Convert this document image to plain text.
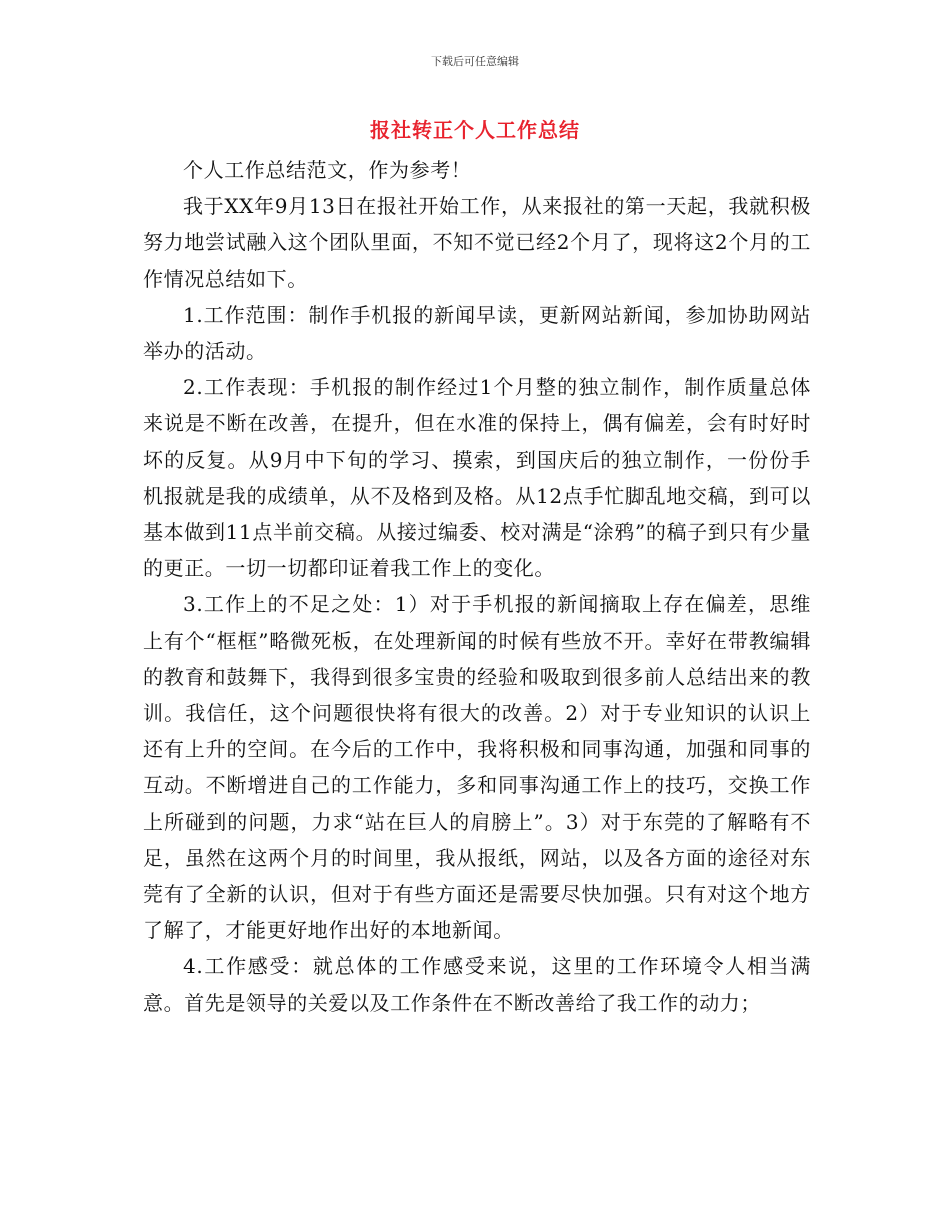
下载后可任意编辑
报社转正个人工作总结

个人工作总结范文，作为参考！

我于XX年9月13日在报社开始工作，从来报社的第一天起，我就积极努力地尝试融入这个团队里面，不知不觉已经2个月了，现将这2个月的工作情况总结如下。

1.工作范围：制作手机报的新闻早读，更新网站新闻，参加协助网站举办的活动。

2.工作表现：手机报的制作经过1个月整的独立制作，制作质量总体来说是不断在改善，在提升，但在水准的保持上，偶有偏差，会有时好时坏的反复。从9月中下旬的学习、摸索，到国庆后的独立制作，一份份手机报就是我的成绩单，从不及格到及格。从12点手忙脚乱地交稿，到可以基本做到11点半前交稿。从接过编委、校对满是“涂鸦”的稿子到只有少量的更正。一切一切都印证着我工作上的变化。

3.工作上的不足之处：1）对于手机报的新闻摘取上存在偏差，思维上有个“框框”略微死板，在处理新闻的时候有些放不开。幸好在带教编辑的教育和鼓舞下，我得到很多宝贵的经验和吸取到很多前人总结出来的教训。我信任，这个问题很快将有很大的改善。2）对于专业知识的认识上还有上升的空间。在今后的工作中，我将积极和同事沟通，加强和同事的互动。不断增进自己的工作能力，多和同事沟通工作上的技巧，交换工作上所碰到的问题，力求“站在巨人的肩膀上”。3）对于东莞的了解略有不足，虽然在这两个月的时间里，我从报纸，网站，以及各方面的途径对东莞有了全新的认识，但对于有些方面还是需要尽快加强。只有对这个地方了解了，才能更好地作出好的本地新闻。

4.工作感受：就总体的工作感受来说，这里的工作环境令人相当满意。首先是领导的关爱以及工作条件在不断改善给了我工作的动力；
